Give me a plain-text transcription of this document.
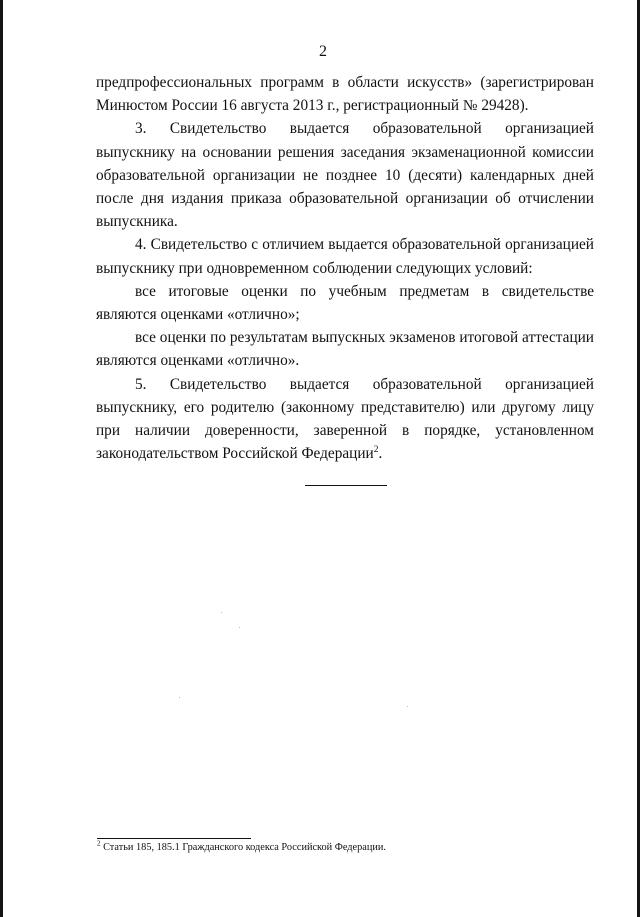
2

предпрофессиональных программ в области искусств» (зарегистрирован Минюстом России 16 августа 2013 г., регистрационный № 29428).

3. Свидетельство выдается образовательной организацией выпускнику на основании решения заседания экзаменационной комиссии образовательной организации не позднее 10 (десяти) календарных дней после дня издания приказа образовательной организации об отчислении выпускника.

4. Свидетельство с отличием выдается образовательной организацией выпускнику при одновременном соблюдении следующих условий:

все итоговые оценки по учебным предметам в свидетельстве являются оценками «отлично»;

все оценки по результатам выпускных экзаменов итоговой аттестации являются оценками «отлично».

5. Свидетельство выдается образовательной организацией выпускнику, его родителю (законному представителю) или другому лицу при наличии доверенности, заверенной в порядке, установленном законодательством Российской Федерации$^2$.

$^2$ Статьи 185, 185.1 Гражданского кодекса Российской Федерации.
